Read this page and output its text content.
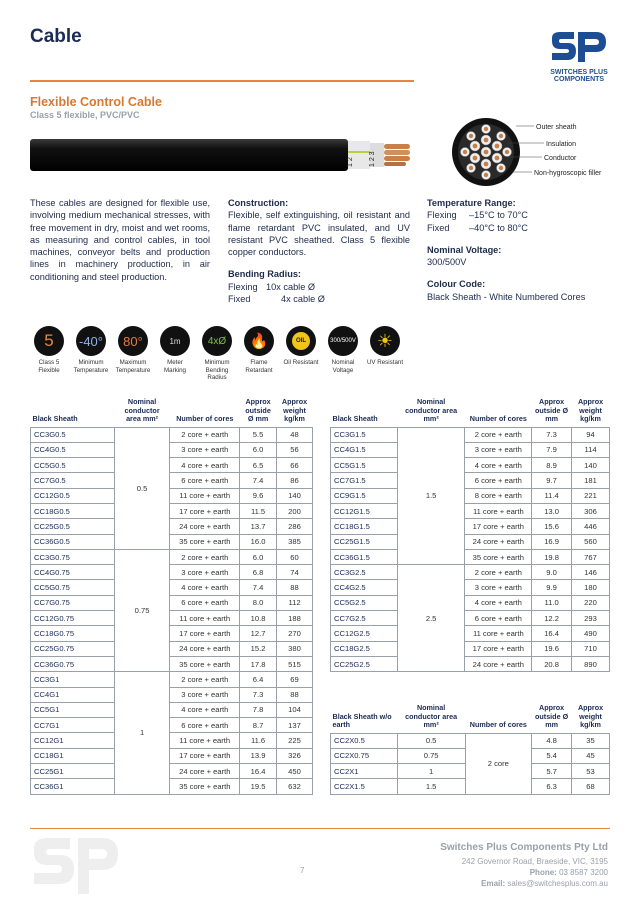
Cable
SWITCHES PLUS
COMPONENTS
Flexible Control Cable
Class 5 flexible, PVC/PVC
1 2 1 2 3
Outer sheath
Insulation
Conductor
Non-hygroscopic filler
These cables are designed for flexible use, involving medium mechanical stresses, with free movement in dry, moist and wet rooms, as measuring and control cables, in tool machines, conveyor belts and production lines in machinery production, in air conditioning and steel production.
Construction:
Flexible, self extinguishing, oil resistant and flame retardant PVC insulated, and UV resistant PVC sheathed. Class 5 flexible copper conductors.
Bending Radius:
Flexing 10x cable Ø
Fixed	4x cable Ø
Temperature Range:
Flexing –15°C to 70°C
Fixed –40°C to 80°C
Nominal Voltage:
300/500V
Colour Code:
Black Sheath - White Numbered Cores
5
Class 5 Flexible
-40°
Minimum Temperature
80°
Maximum Temperature
1m
Meter Marking
4xØ
Minimum Bending Radius
🔥
Flame Retardant
OIL
Oil Resistant
300/500V
Nominal Voltage
☀
UV Resistant
Black Sheath	Nominal conductor area mm²	Number of cores	Approx outside Ø mm	Approx weight kg/km
CC3G0.5	0.5	2 core + earth	5.5	48
CC4G0.5		3 core + earth	6.0	56
CC5G0.5		4 core + earth	6.5	66
CC7G0.5		6 core + earth	7.4	86
CC12G0.5		11 core + earth	9.6	140
CC18G0.5		17 core + earth	11.5	200
CC25G0.5		24 core + earth	13.7	286
CC36G0.5		35 core + earth	16.0	385
CC3G0.75	0.75	2 core + earth	6.0	60
CC4G0.75		3 core + earth	6.8	74
CC5G0.75		4 core + earth	7.4	88
CC7G0.75		6 core + earth	8.0	112
CC12G0.75		11 core + earth	10.8	188
CC18G0.75		17 core + earth	12.7	270
CC25G0.75		24 core + earth	15.2	380
CC36G0.75		35 core + earth	17.8	515
CC3G1	1	2 core + earth	6.4	69
CC4G1		3 core + earth	7.3	88
CC5G1		4 core + earth	7.8	104
CC7G1		6 core + earth	8.7	137
CC12G1		11 core + earth	11.6	225
CC18G1		17 core + earth	13.9	326
CC25G1		24 core + earth	16.4	450
CC36G1		35 core + earth	19.5	632
Black Sheath	Nominal conductor area mm²	Number of cores	Approx outside Ø mm	Approx weight kg/km
CC3G1.5	1.5	2 core + earth	7.3	94
CC4G1.5		3 core + earth	7.9	114
CC5G1.5		4 core + earth	8.9	140
CC7G1.5		6 core + earth	9.7	181
CC9G1.5		8 core + earth	11.4	221
CC12G1.5		11 core + earth	13.0	306
CC18G1.5		17 core + earth	15.6	446
CC25G1.5		24 core + earth	16.9	560
CC36G1.5		35 core + earth	19.8	767
CC3G2.5	2.5	2 core + earth	9.0	146
CC4G2.5		3 core + earth	9.9	180
CC5G2.5		4 core + earth	11.0	220
CC7G2.5		6 core + earth	12.2	293
CC12G2.5		11 core + earth	16.4	490
CC18G2.5		17 core + earth	19.6	710
CC25G2.5		24 core + earth	20.8	890
Black Sheath w/o earth	Nominal conductor area mm²	Number of cores	Approx outside Ø mm	Approx weight kg/km
CC2X0.5	0.5	2 core	4.8	35
CC2X0.75	0.75		5.4	45
CC2X1	1		5.7	53
CC2X1.5	1.5		6.3	68
7
Switches Plus Components Pty Ltd
242 Governor Road, Braeside, VIC, 3195
Phone: 03 8587 3200
Email: sales@switchesplus.com.au
